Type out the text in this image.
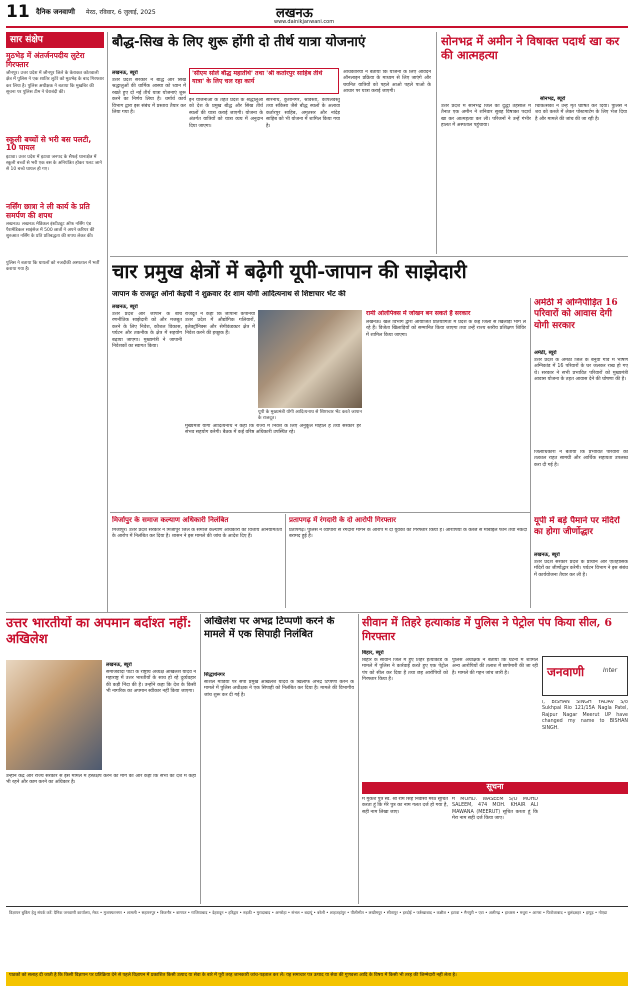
11 दैनिक जनवाणी मेरठ, रविवार, 6 जुलाई, 2025	लखनऊ
www.dainikjanwani.com
सार संक्षेप
मुठभेड़ में अंतर्जनपदीय लुटेरा गिरफ्तार

जौनपुर। उत्तर प्रदेश में जौनपुर जिले के केराकत कोतवाली क्षेत्र में पुलिस ने एक शातिर लुटेरे को मुठभेड़ के बाद गिरफ्तार कर लिया है। पुलिस अधीक्षक ने बताया कि मुखबिर की सूचना पर पुलिस टीम ने घेराबंदी की।

स्कूली बच्चों से भरी बस पलटी, 10 घायल

इटावा। उत्तर प्रदेश में इटावा जनपद के सैफई थानाक्षेत्र में स्कूली बच्चों से भरी एक बस के अनियंत्रित होकर पलट जाने से 10 बच्चे घायल हो गए।

नर्सिंग छात्रा ने ली कार्य के प्रति समर्पण की शपथ

लखनऊ। लखनऊ मेडिकल इंस्टीट्यूट ऑफ नर्सिंग एंड पैरामेडिकल साइंसेज में 500 छात्रों ने अपने करियर की शुरुआत नर्सिंग के प्रति प्रतिबद्धता की शपथ लेकर की।

पुलिस ने बताया कि घायलों को नजदीकी अस्पताल में भर्ती कराया गया है।

बौद्ध-सिख के लिए शुरू होंगी दो तीर्थ यात्रा योजनाएं
लखनऊ, ब्यूरो
उत्तर प्रदेश सरकार ने बौद्ध और सिख श्रद्धालुओं की धार्मिक आस्था को ध्यान में रखते हुए दो नई तीर्थ यात्रा योजनाएं शुरू करने का निर्णय लिया है। धर्मार्थ कार्य विभाग द्वारा इस संबंध में प्रस्ताव तैयार कर लिया गया है।
'सीएम सोले बौद्ध महातीर्थ' तथा 'श्री कर्तारपुर साहिब तीर्थ यात्रा' के लिए चल रहा कार्य
इन योजनाओं के तहत प्रदेश के श्रद्धालुओं को देश के प्रमुख बौद्ध और सिख तीर्थ स्थलों की यात्रा कराई जाएगी। योजना के अंतर्गत यात्रियों को यात्रा व्यय में अनुदान दिया जाएगा।
सारनाथ, कुशीनगर, श्रावस्ती, कपिलवस्तु तथा संकिसा जैसे बौद्ध स्थलों के अलावा कर्तारपुर साहिब, अमृतसर और नांदेड़ साहिब को भी योजना में शामिल किया गया है।
अधिकारियों ने बताया कि योजना के लिए आवेदन ऑनलाइन प्रक्रिया के माध्यम से लिए जाएंगे और चयनित यात्रियों को पहले आओ पहले पाओ के आधार पर यात्रा कराई जाएगी।
सोनभद्र में अमीन ने विषाक्त पदार्थ खा कर की आत्महत्या
सोनभद्र, ब्यूरो
उत्तर प्रदेश में सोनभद्र जिले की दुद्धी तहसील में तैनात एक अमीन ने शनिवार सुबह विषाक्त पदार्थ खा कर आत्महत्या कर ली। परिजनों ने उन्हें गंभीर हालत में अस्पताल पहुंचाया।
चिकित्सकों ने उन्हें मृत घोषित कर दिया। पुलिस ने शव को कब्जे में लेकर पोस्टमार्टम के लिए भेज दिया है और मामले की जांच की जा रही है।
चार प्रमुख क्षेत्रों में बढ़ेगी यूपी-जापान की साझेदारी
जापान के राजदूत ओनो केइची ने शुक्रवार देर शाम योगी आदित्यनाथ से शिष्टाचार भेंट की
लखनऊ, ब्यूरो
उत्तर प्रदेश और जापान के बीच रणनीतिक साझेदारी को और मजबूत करने के लिए निवेश, कौशल विकास, पर्यटन और तकनीक के क्षेत्र में सहयोग बढ़ाया जाएगा। मुख्यमंत्री ने जापानी निवेशकों का स्वागत किया।
राजदूत ने कहा कि जापानी कंपनियां उत्तर प्रदेश में औद्योगिक गलियारों, इलेक्ट्रॉनिक्स और सेमीकंडक्टर क्षेत्र में निवेश करने की इच्छुक हैं।
यूपी के मुख्यमंत्री योगी आदित्यनाथ से शिष्टाचार भेंट करते जापान के राजदूत।
मुख्यमंत्री योगी आदित्यनाथ ने कहा कि राज्य में निवेश के लिए अनुकूल माहौल है तथा सरकार हर संभव सहयोग करेगी। बैठक में कई वरिष्ठ अधिकारी उपस्थित रहे।
रामी ओलंपिक्स में जोखन बन सकते हैं सरकार
लखनऊ। खेल विभाग द्वारा आयोजित प्रतियोगिता में प्रदेश के कई जिलों से खिलाड़ी भाग ले रहे हैं। विजेता खिलाड़ियों को सम्मानित किया जाएगा तथा उन्हें राज्य स्तरीय प्रशिक्षण शिविर में शामिल किया जाएगा।
अमेठी में अग्निपीड़ित 16 परिवारों को आवास देगी योगी सरकार
अमेठी, ब्यूरो
उत्तर प्रदेश के अमेठी जिले के बेनुवा गांव में भीषण अग्निकांड में 16 परिवारों के घर जलकर राख हो गए थे। सरकार ने सभी प्रभावित परिवारों को मुख्यमंत्री आवास योजना के तहत आवास देने की घोषणा की है।
जिलाधिकारी ने बताया कि प्रभावित परिवारों को तत्काल राहत सामग्री और आर्थिक सहायता उपलब्ध करा दी गई है।
मिर्जापुर के समाज कल्याण अधिकारी निलंबित
मिर्जापुर। उत्तर प्रदेश सरकार ने मिर्जापुर जिले के समाज कल्याण अधिकारी को वित्तीय अनियमितता के आरोप में निलंबित कर दिया है। शासन ने इस मामले की जांच के आदेश दिए हैं।
प्रतापगढ़ में रंगदारी के दो आरोपी गिरफ्तार
प्रतापगढ़। पुलिस ने व्यापारी से रंगदारी मांगने के आरोप में दो युवकों को गिरफ्तार किया है। आरोपियों के कब्जे से मोबाइल फोन तथा नकदी बरामद हुई है।
यूपी में बड़े पैमाने पर मंदिरों का होगा जीर्णोद्धार
लखनऊ, ब्यूरो
उत्तर प्रदेश सरकार प्रदेश के प्राचीन और ऐतिहासिक मंदिरों का जीर्णोद्धार करेगी। पर्यटन विभाग ने इस संबंध में कार्ययोजना तैयार कर ली है।
उत्तर भारतीयों का अपमान बर्दाश्त नहीं: अखिलेश
लखनऊ, ब्यूरो
समाजवादी पार्टी के राष्ट्रीय अध्यक्ष अखिलेश यादव ने महाराष्ट्र में उत्तर भारतीयों के साथ हो रहे दुर्व्यवहार की कड़ी निंदा की है। उन्होंने कहा कि देश के किसी भी नागरिक का अपमान स्वीकार नहीं किया जाएगा।
उन्होंने केंद्र और राज्य सरकार से इस मामले में हस्तक्षेप करने की मांग की और कहा कि सभी को देश में कहीं भी रहने और काम करने का अधिकार है।
अखिलेश पर अभद्र टिप्पणी करने के मामले में एक सिपाही निलंबित
सिद्धार्थनगर
सोशल मीडिया पर सपा प्रमुख अखिलेश यादव के खिलाफ अभद्र टिप्पणी करने के मामले में पुलिस अधीक्षक ने एक सिपाही को निलंबित कर दिया है। मामले की विभागीय जांच शुरू कर दी गई है।
सीवान में तिहरे हत्याकांड में पुलिस ने पेट्रोल पंप किया सील, 6 गिरफ्तार
बिहार, ब्यूरो
बिहार के सीवान जिले में हुए तिहरे हत्याकांड के मामले में पुलिस ने कार्रवाई करते हुए एक पेट्रोल पंप को सील कर दिया है तथा छह आरोपियों को गिरफ्तार किया है।
पुलिस अधीक्षक ने बताया कि घटना में शामिल अन्य आरोपियों की तलाश में छापेमारी की जा रही है। मामले की गहन जांच जारी है।	जनवाणी	Inter
सूचना
मैं मुकेश पुत्र स्व. श्री राम सिंह निवासी मेरठ सूचित करता हूं कि मेरे पुत्र का नाम गलत दर्ज हो गया है, सही नाम लिखा जाए।
मैं MOHD. WASEEM S/O MOHD SALEEM, 474 MOH. KHAIR ALI MAWANA (MEERUT) सूचित करता हूं कि मेरा नाम सही दर्ज किया जाए।
I, BISHAN SINGH YADAV S/o Sukhpal Rio 121/15A Nagla Patel, Rajpur Nagar Meerut UP have changed my name to BISHAN SINGH.
विज्ञापन बुकिंग हेतु संपर्क करें: दैनिक जनवाणी कार्यालय, मेरठ • मुजफ्फरनगर • शामली • सहारनपुर • बिजनौर • बागपत • गाजियाबाद • देहरादून • हरिद्वार • रुड़की • मुरादाबाद • अमरोहा • संभल • बदायूं • बरेली • शाहजहांपुर • पीलीभीत • लखीमपुर • सीतापुर • हरदोई • फर्रुखाबाद • कन्नौज • इटावा • मैनपुरी • एटा • अलीगढ़ • हाथरस • मथुरा • आगरा • फिरोजाबाद • बुलंदशहर • हापुड़ • नोएडा
पाठकों को सलाह दी जाती है कि किसी विज्ञापन पर प्रतिक्रिया देने से पहले विज्ञापन में प्रकाशित किसी उत्पाद या सेवा के बारे में पूरी तरह जानकारी जांच-पड़ताल कर लें। यह समाचार पत्र उत्पाद या सेवा की गुणवत्ता आदि के विषय में किसी भी तरह की जिम्मेदारी नहीं लेता है।
